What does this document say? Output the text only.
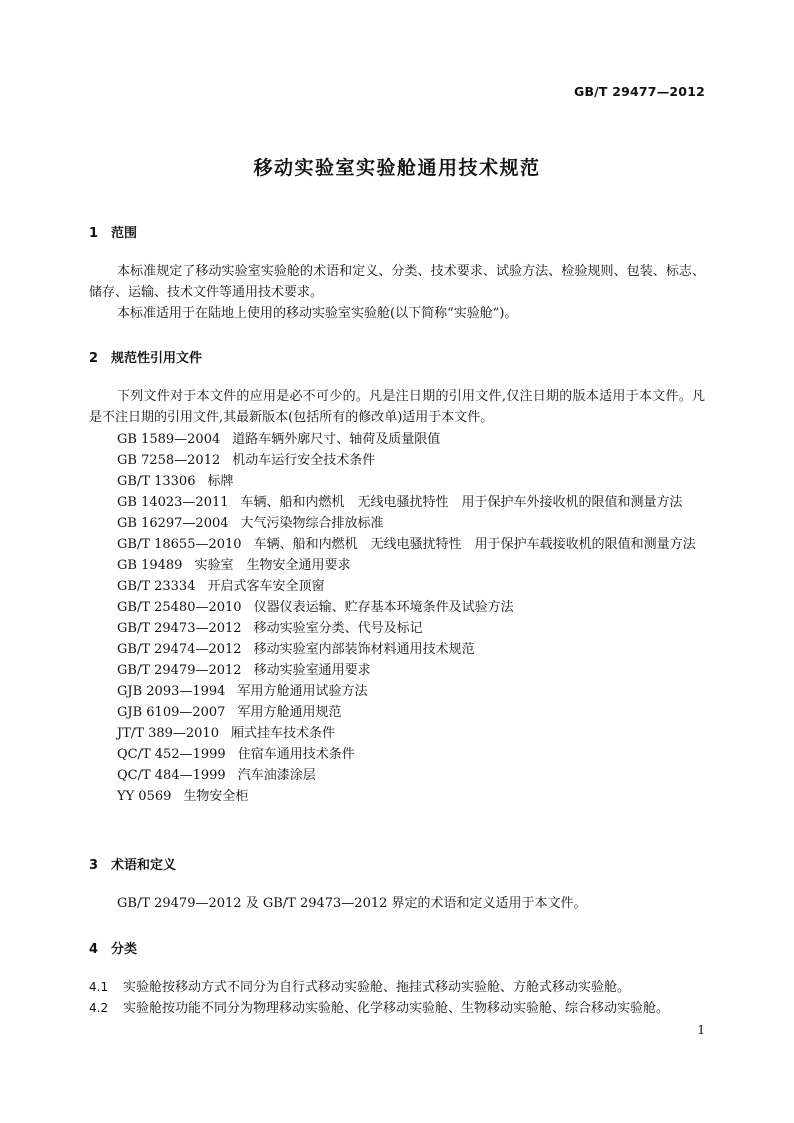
GB/T 29477—2012
移动实验室实验舱通用技术规范
1 范围

本标准规定了移动实验室实验舱的术语和定义、分类、技术要求、试验方法、检验规则、包装、标志、储存、运输、技术文件等通用技术要求。

本标准适用于在陆地上使用的移动实验室实验舱(以下简称“实验舱”)。

2 规范性引用文件

下列文件对于本文件的应用是必不可少的。凡是注日期的引用文件,仅注日期的版本适用于本文件。凡是不注日期的引用文件,其最新版本(包括所有的修改单)适用于本文件。

GB 1589—2004 道路车辆外廓尺寸、轴荷及质量限值
GB 7258—2012 机动车运行安全技术条件
GB/T 13306 标牌
GB 14023—2011 车辆、船和内燃机　无线电骚扰特性　用于保护车外接收机的限值和测量方法
GB 16297—2004 大气污染物综合排放标准
GB/T 18655—2010 车辆、船和内燃机　无线电骚扰特性　用于保护车载接收机的限值和测量方法
GB 19489 实验室　生物安全通用要求
GB/T 23334 开启式客车安全顶窗
GB/T 25480—2010 仪器仪表运输、贮存基本环境条件及试验方法
GB/T 29473—2012 移动实验室分类、代号及标记
GB/T 29474—2012 移动实验室内部装饰材料通用技术规范
GB/T 29479—2012 移动实验室通用要求
GJB 2093—1994 军用方舱通用试验方法
GJB 6109—2007 军用方舱通用规范
JT/T 389—2010 厢式挂车技术条件
QC/T 452—1999 住宿车通用技术条件
QC/T 484—1999 汽车油漆涂层
YY 0569 生物安全柜
3 术语和定义

GB/T 29479—2012 及 GB/T 29473—2012 界定的术语和定义适用于本文件。

4 分类
4.1 实验舱按移动方式不同分为自行式移动实验舱、拖挂式移动实验舱、方舱式移动实验舱。
4.2 实验舱按功能不同分为物理移动实验舱、化学移动实验舱、生物移动实验舱、综合移动实验舱。
1
